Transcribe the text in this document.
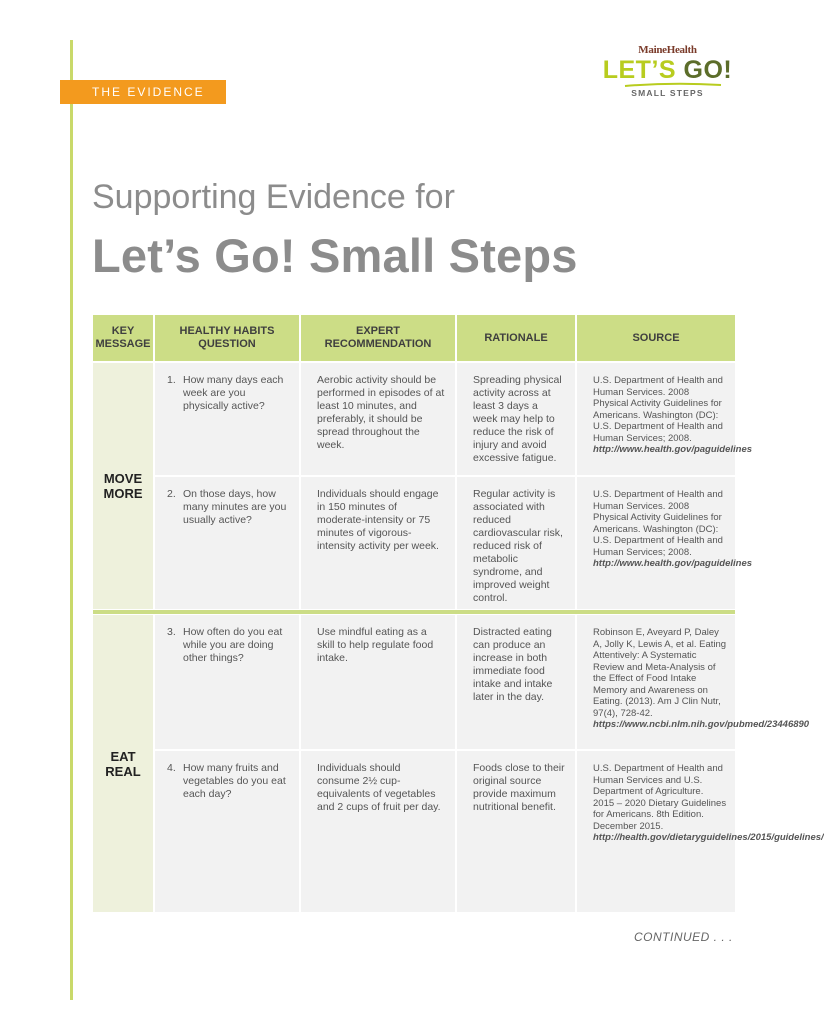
THE EVIDENCE
MaineHealth
LET’S GO!
SMALL STEPS
Supporting Evidence for
Let’s Go! Small Steps
KEY MESSAGE
HEALTHY HABITS QUESTION
EXPERT RECOMMENDATION
RATIONALE	SOURCE
MOVE MORE
1. How many days each week are you physically active?
Aerobic activity should be performed in episodes of at least 10 minutes, and preferably, it should be spread throughout the week.
Spreading physical activity across at least 3 days a week may help to reduce the risk of injury and avoid excessive fatigue.
U.S. Department of Health and Human Services. 2008 Physical Activity Guidelines for Americans. Washington (DC): U.S. Department of Health and Human Services; 2008. http://www.health.gov/paguidelines
2. On those days, how many minutes are you usually active?
Individuals should engage in 150 minutes of moderate-intensity or 75 minutes of vigorous-intensity activity per week.
Regular activity is associated with reduced cardiovascular risk, reduced risk of metabolic syndrome, and improved weight control.
U.S. Department of Health and Human Services. 2008 Physical Activity Guidelines for Americans. Washington (DC): U.S. Department of Health and Human Services; 2008. http://www.health.gov/paguidelines
EAT REAL
3. How often do you eat while you are doing other things?
Use mindful eating as a skill to help regulate food intake.
Distracted eating can produce an increase in both immediate food intake and intake later in the day.
Robinson E, Aveyard P, Daley A, Jolly K, Lewis A, et al. Eating Attentively: A Systematic Review and Meta-Analysis of the Effect of Food Intake Memory and Awareness on Eating. (2013). Am J Clin Nutr, 97(4), 728-42. https://www.ncbi.nlm.nih.gov/pubmed/23446890
4. How many fruits and vegetables do you eat each day?
Individuals should consume 2½ cup-equivalents of vegetables and 2 cups of fruit per day.
Foods close to their original source provide maximum nutritional benefit.
U.S. Department of Health and Human Services and U.S. Department of Agriculture. 2015 – 2020 Dietary Guidelines for Americans. 8th Edition. December 2015. http://health.gov/dietaryguidelines/2015/guidelines/
CONTINUED . . .
